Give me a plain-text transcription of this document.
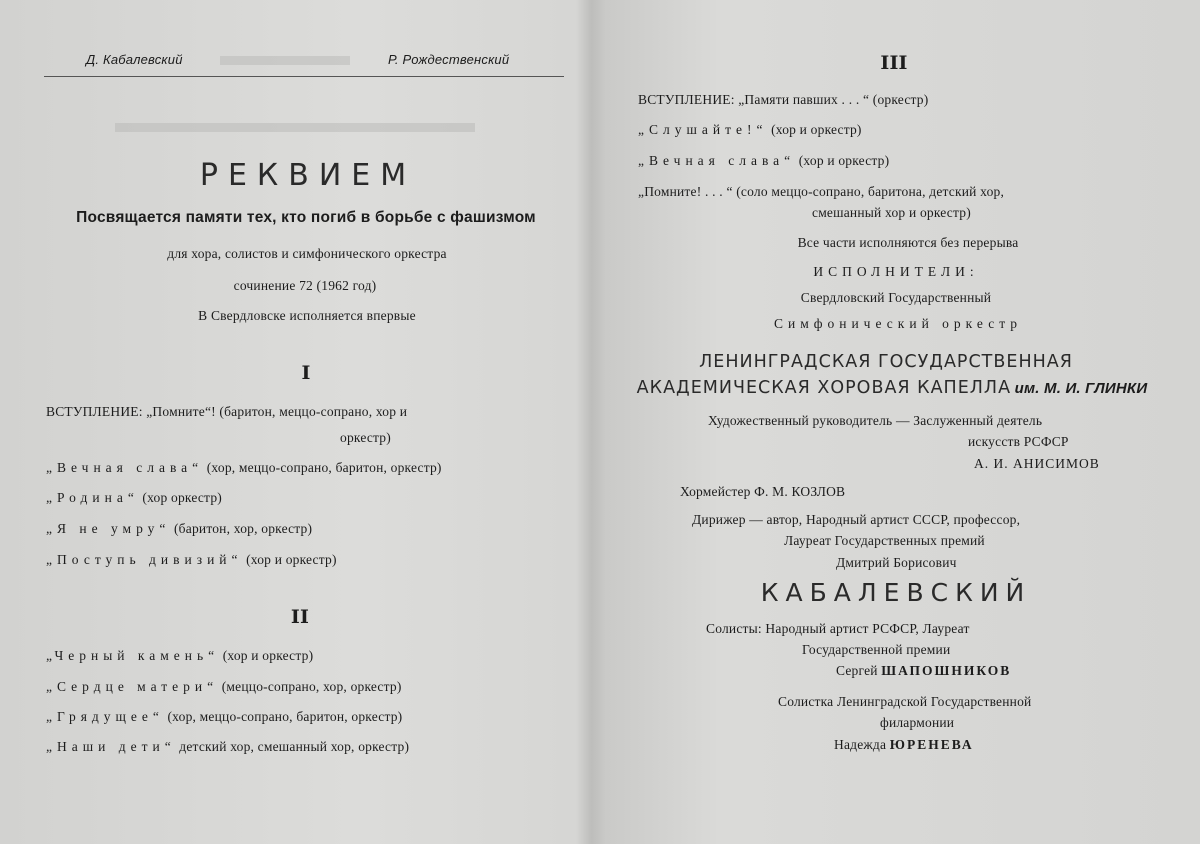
Д. Кабалевский	Р. Рождественский
РЕКВИЕМ
Посвящается памяти тех, кто погиб в борьбе с фашизмом
для хора, солистов и симфонического оркестра
сочинение 72 (1962 год)
В Свердловске исполняется впервые
I
ВСТУПЛЕНИЕ: „Помните“! (баритон, меццо-сопрано, хор и
оркестр)
„Вечная слава“ (хор, меццо-сопрано, баритон, оркестр)
„Родина“ (хор оркестр)
„Я не умру“ (баритон, хор, оркестр)
„Поступь дивизий“ (хор и оркестр)
II
„Черный камень“ (хор и оркестр)
„Сердце матери“ (меццо-сопрано, хор, оркестр)
„Грядущее“ (хор, меццо-сопрано, баритон, оркестр)
„Наши дети“ детский хор, смешанный хор, оркестр)
III
ВСТУПЛЕНИЕ: „Памяти павших . . . “ (оркестр)
„Слушайте!“ (хор и оркестр)
„Вечная слава“ (хор и оркестр)
„Помните! . . . “ (соло меццо-сопрано, баритона, детский хор,
смешанный хор и оркестр)
Все части исполняются без перерыва
ИСПОЛНИТЕЛИ:
Свердловский Государственный
Симфонический оркестр
ЛЕНИНГРАДСКАЯ ГОСУДАРСТВЕННАЯ
АКАДЕМИЧЕСКАЯ ХОРОВАЯ КАПЕЛЛА им. М. И. ГЛИНКИ
Художественный руководитель — Заслуженный деятель
искусств РСФСР
А. И. АНИСИМОВ
Хормейстер Ф. М. КОЗЛОВ
Дирижер — автор, Народный артист СССР, профессор,
Лауреат Государственных премий
Дмитрий Борисович
КАБАЛЕВСКИЙ
Солисты: Народный артист РСФСР, Лауреат
Государственной премии
Сергей ШАПОШНИКОВ
Солистка Ленинградской Государственной
филармонии
Надежда ЮРЕНЕВА
